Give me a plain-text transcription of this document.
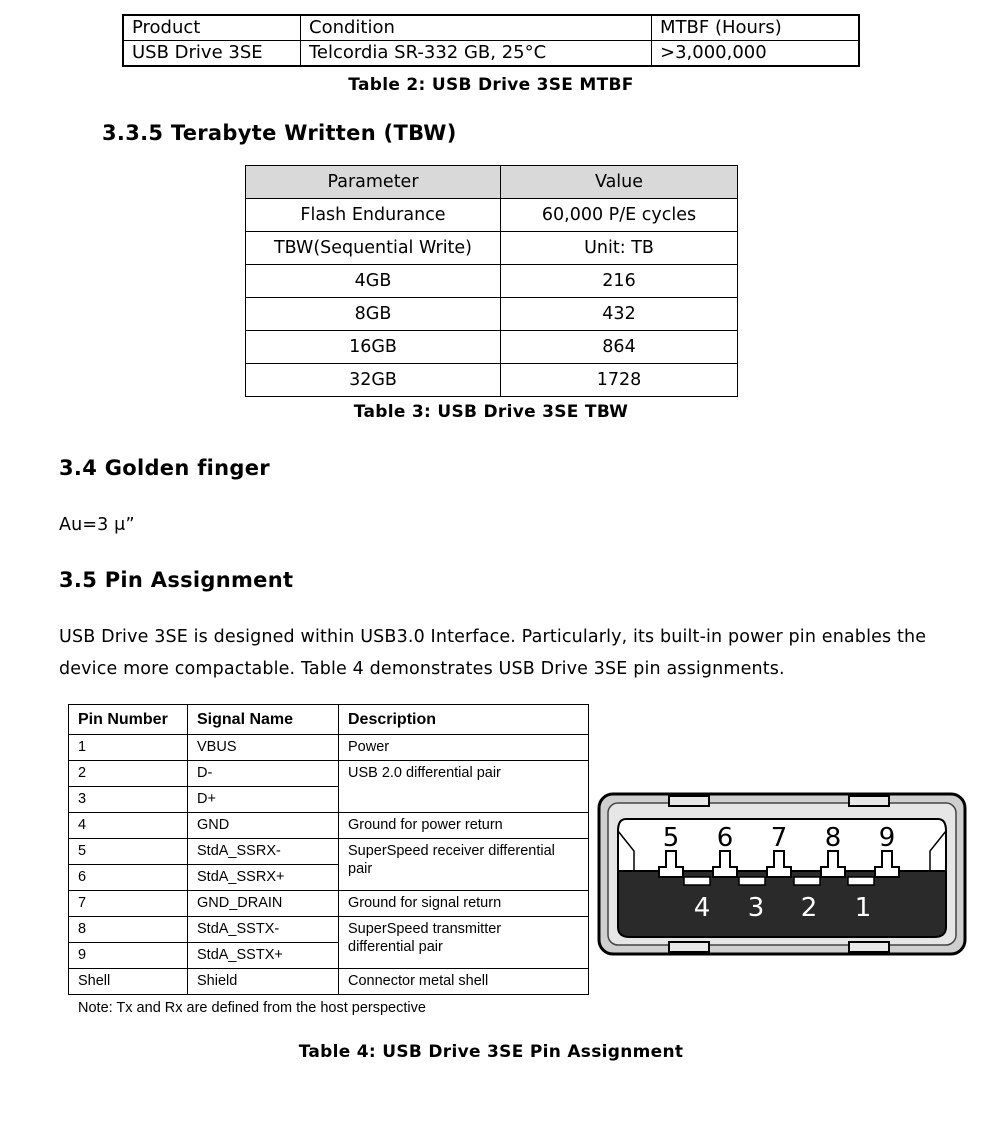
Product	Condition	MTBF (Hours)
USB Drive 3SE	Telcordia SR-332 GB, 25°C	>3,000,000
Table 2: USB Drive 3SE MTBF
3.3.5 Terabyte Written (TBW)
Parameter	Value
Flash Endurance	60,000 P/E cycles
TBW(Sequential Write)	Unit: TB
4GB	216
8GB	432
16GB	864
32GB	1728
Table 3: USB Drive 3SE TBW
3.4 Golden finger
Au=3 μ”
3.5 Pin Assignment
USB Drive 3SE is designed within USB3.0 Interface. Particularly, its built-in power pin enables the
device more compactable. Table 4 demonstrates USB Drive 3SE pin assignments.
Pin Number	Signal Name	Description
1	VBUS	Power
2	D-	USB 2.0 differential pair
3	D+	
4	GND	Ground for power return
5	StdA_SSRX-	SuperSpeed receiver differential
pair
6	StdA_SSRX+	
7	GND_DRAIN	Ground for signal return
8	StdA_SSTX-	SuperSpeed transmitter
differential pair
9	StdA_SSTX+	
Shell	Shield	Connector metal shell
Note: Tx and Rx are defined from the host perspective
5 6 7 8 9
4 3 2 1
Table 4: USB Drive 3SE Pin Assignment
